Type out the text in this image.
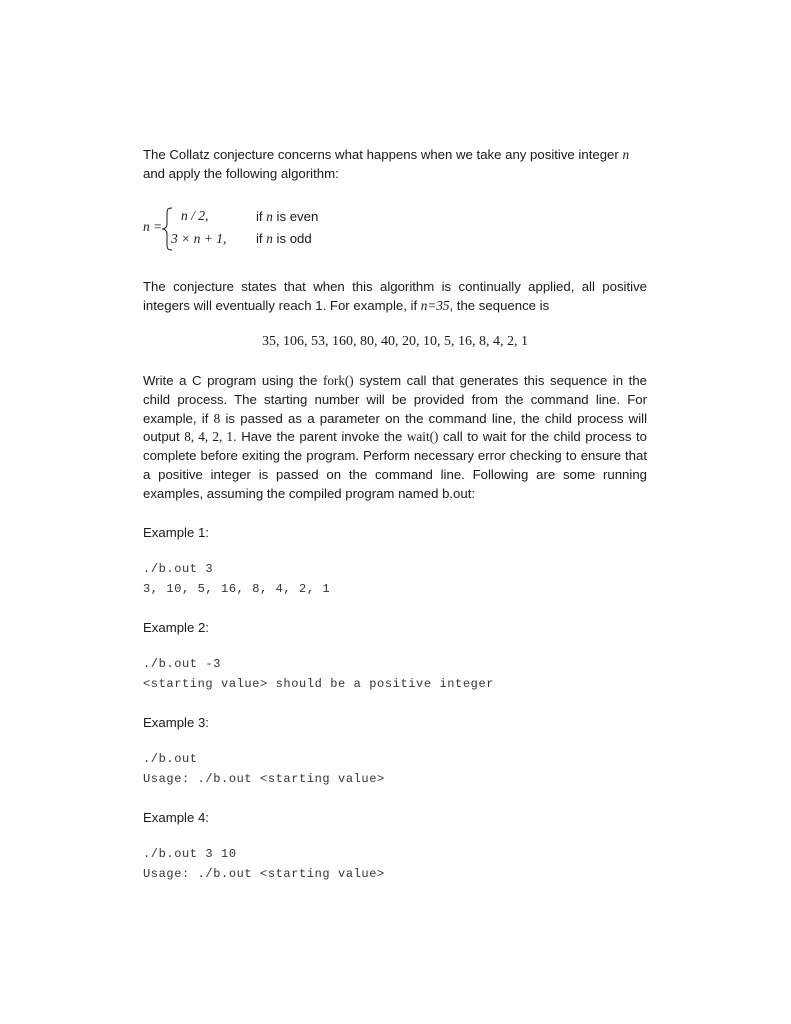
The Collatz conjecture concerns what happens when we take any positive integer n
and apply the following algorithm:
n =
n / 2,
3 × n + 1,
if n is even
if n is odd
The conjecture states that when this algorithm is continually applied, all positive integers will eventually reach 1. For example, if n=35, the sequence is
35, 106, 53, 160, 80, 40, 20, 10, 5, 16, 8, 4, 2, 1
Write a C program using the fork() system call that generates this sequence in the child process. The starting number will be provided from the command line. For example, if 8 is passed as a parameter on the command line, the child process will output 8, 4, 2, 1. Have the parent invoke the wait() call to wait for the child process to complete before exiting the program. Perform necessary error checking to ensure that a positive integer is passed on the command line. Following are some running examples, assuming the compiled program named b.out:
Example 1:
./b.out 3
3, 10, 5, 16, 8, 4, 2, 1
Example 2:
./b.out -3
<starting value> should be a positive integer
Example 3:
./b.out
Usage: ./b.out <starting value>
Example 4:
./b.out 3 10
Usage: ./b.out <starting value>
